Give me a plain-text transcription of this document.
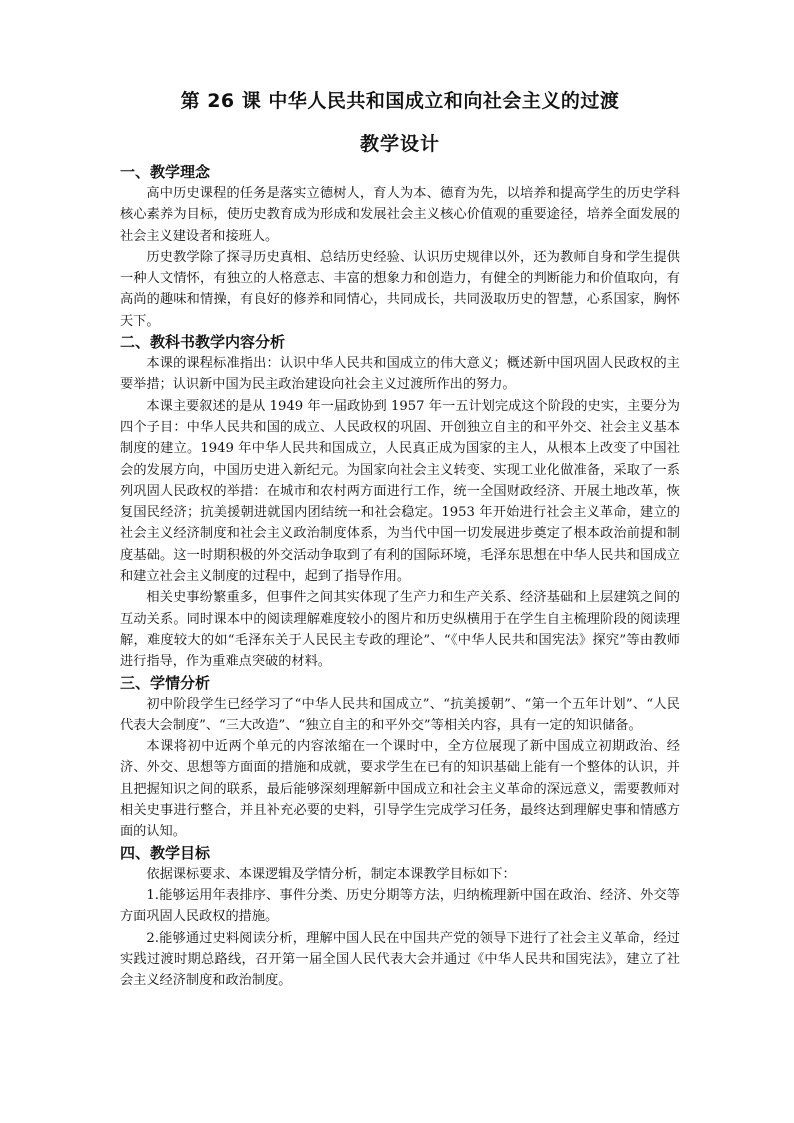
第 26 课 中华人民共和国成立和向社会主义的过渡
教学设计
一、教学理念

高中历史课程的任务是落实立德树人，育人为本、德育为先，以培养和提高学生的历史学科核心素养为目标，使历史教育成为形成和发展社会主义核心价值观的重要途径，培养全面发展的社会主义建设者和接班人。

历史教学除了探寻历史真相、总结历史经验、认识历史规律以外，还为教师自身和学生提供一种人文情怀，有独立的人格意志、丰富的想象力和创造力，有健全的判断能力和价值取向，有高尚的趣味和情操，有良好的修养和同情心，共同成长，共同汲取历史的智慧，心系国家，胸怀天下。

二、教科书教学内容分析

本课的课程标准指出：认识中华人民共和国成立的伟大意义；概述新中国巩固人民政权的主要举措；认识新中国为民主政治建设向社会主义过渡所作出的努力。

本课主要叙述的是从 1949 年一届政协到 1957 年一五计划完成这个阶段的史实，主要分为四个子目：中华人民共和国的成立、人民政权的巩固、开创独立自主的和平外交、社会主义基本制度的建立。1949 年中华人民共和国成立，人民真正成为国家的主人，从根本上改变了中国社会的发展方向，中国历史进入新纪元。为国家向社会主义转变、实现工业化做准备，采取了一系列巩固人民政权的举措：在城市和农村两方面进行工作，统一全国财政经济、开展土地改革，恢复国民经济；抗美援朝进就国内团结统一和社会稳定。1953 年开始进行社会主义革命，建立的社会主义经济制度和社会主义政治制度体系，为当代中国一切发展进步奠定了根本政治前提和制度基础。这一时期积极的外交活动争取到了有利的国际环境，毛泽东思想在中华人民共和国成立和建立社会主义制度的过程中，起到了指导作用。

相关史事纷繁重多，但事件之间其实体现了生产力和生产关系、经济基础和上层建筑之间的互动关系。同时课本中的阅读理解难度较小的图片和历史纵横用于在学生自主梳理阶段的阅读理解，难度较大的如“毛泽东关于人民民主专政的理论”、“《中华人民共和国宪法》探究”等由教师进行指导，作为重难点突破的材料。

三、学情分析

初中阶段学生已经学习了“中华人民共和国成立”、“抗美援朝”、“第一个五年计划”、“人民代表大会制度”、“三大改造”、“独立自主的和平外交”等相关内容，具有一定的知识储备。

本课将初中近两个单元的内容浓缩在一个课时中，全方位展现了新中国成立初期政治、经济、外交、思想等方面面的措施和成就，要求学生在已有的知识基础上能有一个整体的认识，并且把握知识之间的联系，最后能够深刻理解新中国成立和社会主义革命的深远意义，需要教师对相关史事进行整合，并且补充必要的史料，引导学生完成学习任务，最终达到理解史事和情感方面的认知。

四、教学目标

依据课标要求、本课逻辑及学情分析，制定本课教学目标如下：

1.能够运用年表排序、事件分类、历史分期等方法，归纳梳理新中国在政治、经济、外交等方面巩固人民政权的措施。

2.能够通过史料阅读分析，理解中国人民在中国共产党的领导下进行了社会主义革命，经过实践过渡时期总路线，召开第一届全国人民代表大会并通过《中华人民共和国宪法》，建立了社会主义经济制度和政治制度。
